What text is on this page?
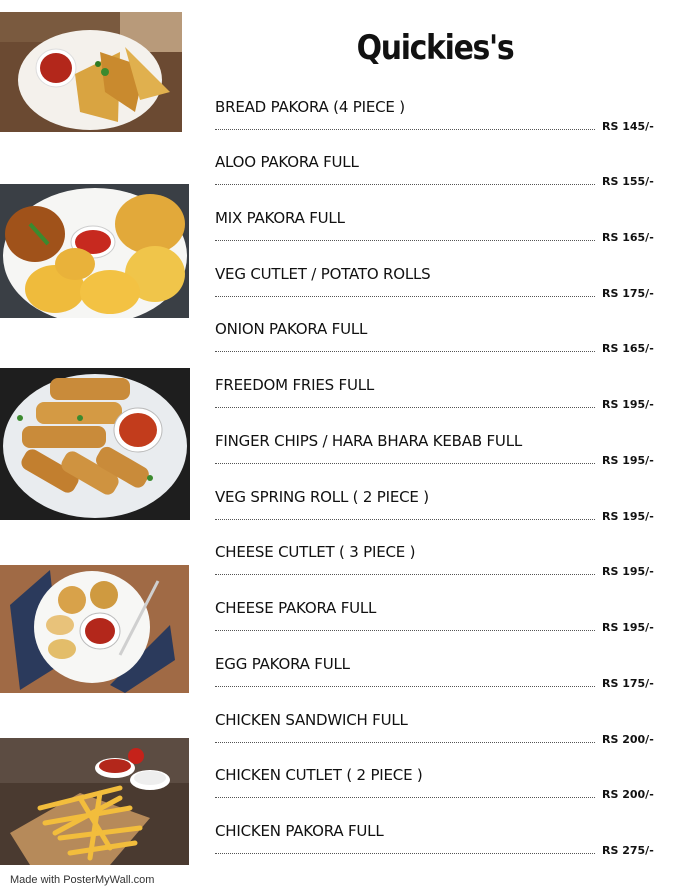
Quickies's
BREAD PAKORA (4 PIECE )
RS 145/-
ALOO PAKORA FULL
RS 155/-
MIX PAKORA FULL
RS 165/-
VEG CUTLET / POTATO ROLLS
RS 175/-
ONION PAKORA FULL
RS 165/-
FREEDOM FRIES FULL
RS 195/-
FINGER CHIPS / HARA BHARA KEBAB FULL
RS 195/-
VEG SPRING ROLL ( 2 PIECE )
RS 195/-
CHEESE CUTLET ( 3 PIECE )
RS 195/-
CHEESE PAKORA FULL
RS 195/-
EGG PAKORA FULL
RS 175/-
CHICKEN SANDWICH FULL
RS 200/-
CHICKEN CUTLET ( 2 PIECE )
RS 200/-
CHICKEN PAKORA FULL
RS 275/-
Made with PosterMyWall.com
